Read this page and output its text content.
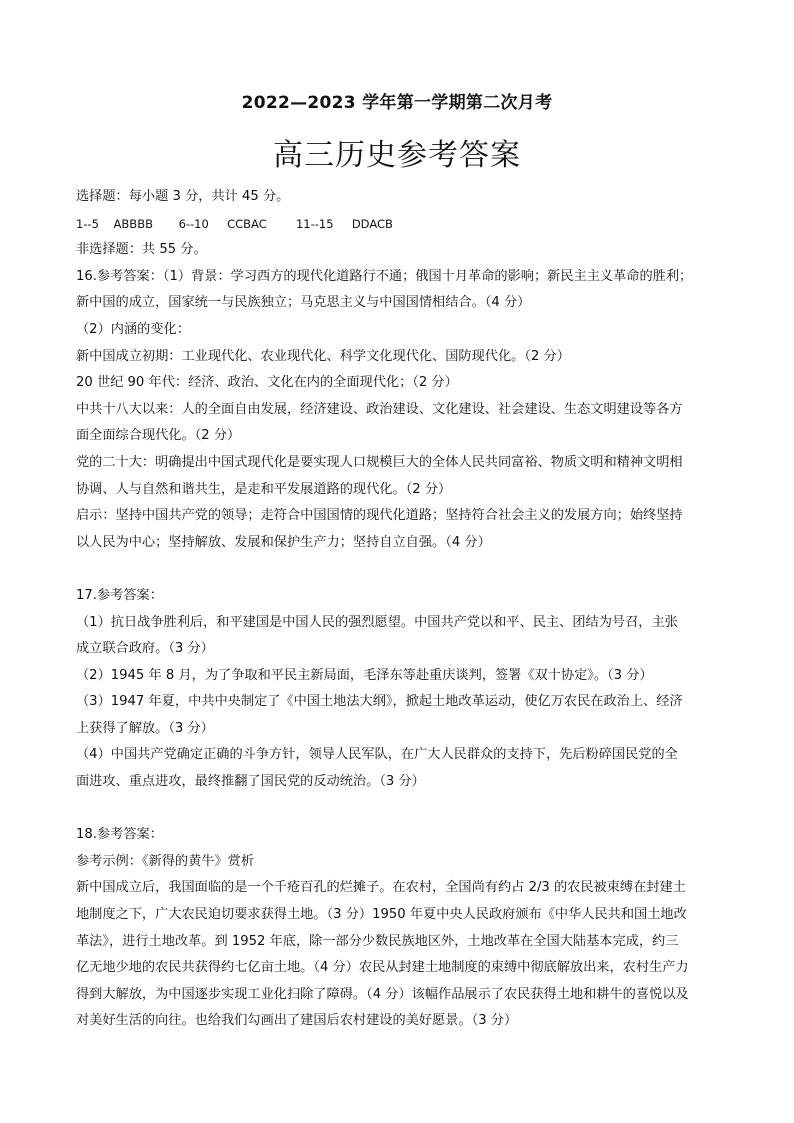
2022—2023 学年第一学期第二次月考
高三历史参考答案
选择题：每小题 3 分，共计 45 分。
1--5    ABBBB       6--10     CCBAC        11--15     DDACB
非选择题：共 55 分。
16.参考答案：（1）背景：学习西方的现代化道路行不通；俄国十月革命的影响；新民主主义革命的胜利；
新中国的成立，国家统一与民族独立；马克思主义与中国国情相结合。（4 分）
（2）内涵的变化：
新中国成立初期：工业现代化、农业现代化、科学文化现代化、国防现代化。（2 分）
20 世纪 90 年代：经济、政治、文化在内的全面现代化；（2 分）
中共十八大以来：人的全面自由发展，经济建设、政治建设、文化建设、社会建设、生态文明建设等各方
面全面综合现代化。（2 分）
党的二十大：明确提出中国式现代化是要实现人口规模巨大的全体人民共同富裕、物质文明和精神文明相
协调、人与自然和谐共生，是走和平发展道路的现代化。（2 分）
启示：坚持中国共产党的领导；走符合中国国情的现代化道路；坚持符合社会主义的发展方向；始终坚持
以人民为中心；坚持解放、发展和保护生产力；坚持自立自强。（4 分）
17.参考答案：
（1）抗日战争胜利后，和平建国是中国人民的强烈愿望。中国共产党以和平、民主、团结为号召，主张
成立联合政府。（3 分）
（2）1945 年 8 月，为了争取和平民主新局面，毛泽东等赴重庆谈判，签署《双十协定》。（3 分）
（3）1947 年夏，中共中央制定了《中国土地法大纲》，掀起土地改革运动，使亿万农民在政治上、经济
上获得了解放。（3 分）
（4）中国共产党确定正确的斗争方针，领导人民军队，在广大人民群众的支持下，先后粉碎国民党的全
面进攻、重点进攻，最终推翻了国民党的反动统治。（3 分）
18.参考答案：
参考示例：《新得的黄牛》赏析
新中国成立后，我国面临的是一个千疮百孔的烂摊子。在农村，全国尚有约占 2/3 的农民被束缚在封建土
地制度之下，广大农民迫切要求获得土地。（3 分）1950 年夏中央人民政府颁布《中华人民共和国土地改
革法》，进行土地改革。到 1952 年底，除一部分少数民族地区外，土地改革在全国大陆基本完成，约三
亿无地少地的农民共获得约七亿亩土地。（4 分）农民从封建土地制度的束缚中彻底解放出来，农村生产力
得到大解放，为中国逐步实现工业化扫除了障碍。（4 分）该幅作品展示了农民获得土地和耕牛的喜悦以及
对美好生活的向往。也给我们勾画出了建国后农村建设的美好愿景。（3 分）
